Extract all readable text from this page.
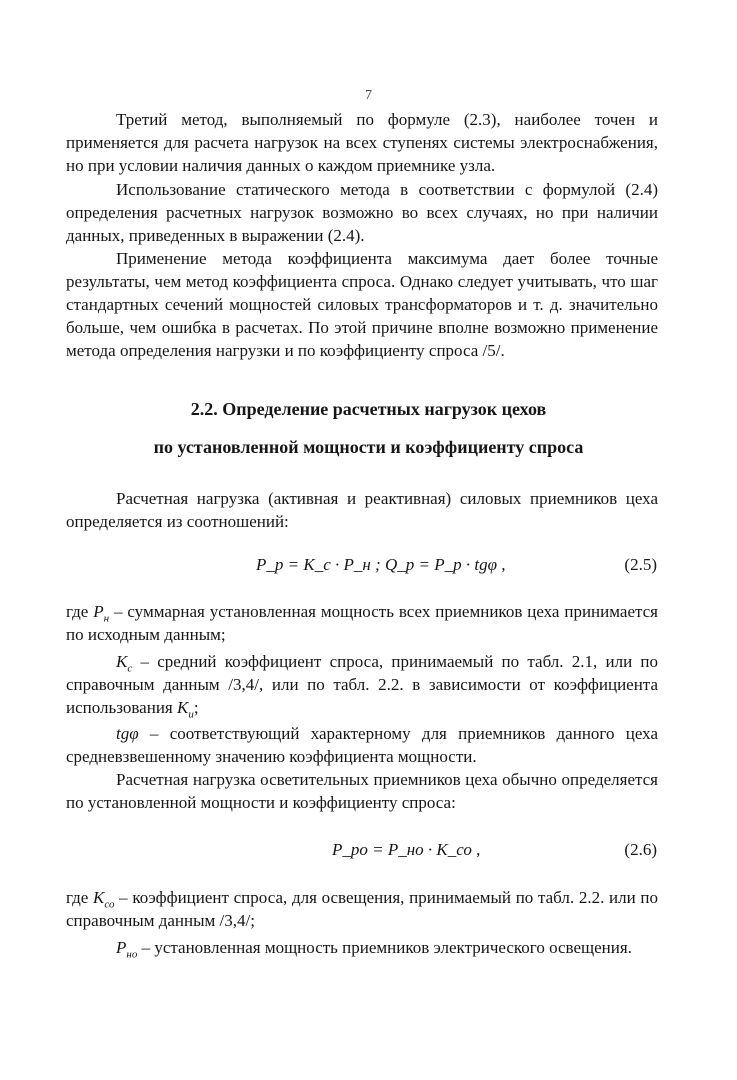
7
Третий метод, выполняемый по формуле (2.3), наиболее точен и применяется для расчета нагрузок на всех ступенях системы электроснабжения, но при условии наличия данных о каждом приемнике узла.
Использование статического метода в соответствии с формулой (2.4) определения расчетных нагрузок возможно во всех случаях, но при наличии данных, приведенных в выражении (2.4).
Применение метода коэффициента максимума дает более точные результаты, чем метод коэффициента спроса. Однако следует учитывать, что шаг стандартных сечений мощностей силовых трансформаторов и т. д. значительно больше, чем ошибка в расчетах. По этой причине вполне возможно применение метода определения нагрузки и по коэффициенту спроса /5/.
2.2. Определение расчетных нагрузок цехов
по установленной мощности и коэффициенту спроса
Расчетная нагрузка (активная и реактивная) силовых приемников цеха определяется из соотношений:
P_p = K_c · P_н ; Q_p = P_p · tgφ ,	(2.5)
где $P_н$ – суммарная установленная мощность всех приемников цеха принимается по исходным данным;
$K_с$ – средний коэффициент спроса, принимаемый по табл. 2.1, или по справочным данным /3,4/, или по табл. 2.2. в зависимости от коэффициента использования $K_и$;
tgφ – соответствующий характерному для приемников данного цеха средневзвешенному значению коэффициента мощности.
Расчетная нагрузка осветительных приемников цеха обычно определяется по установленной мощности и коэффициенту спроса:
P_ро = P_но · K_со ,	(2.6)
где $K_{со}$ – коэффициент спроса, для освещения, принимаемый по табл. 2.2. или по справочным данным /3,4/;
$P_{но}$ – установленная мощность приемников электрического освещения.
